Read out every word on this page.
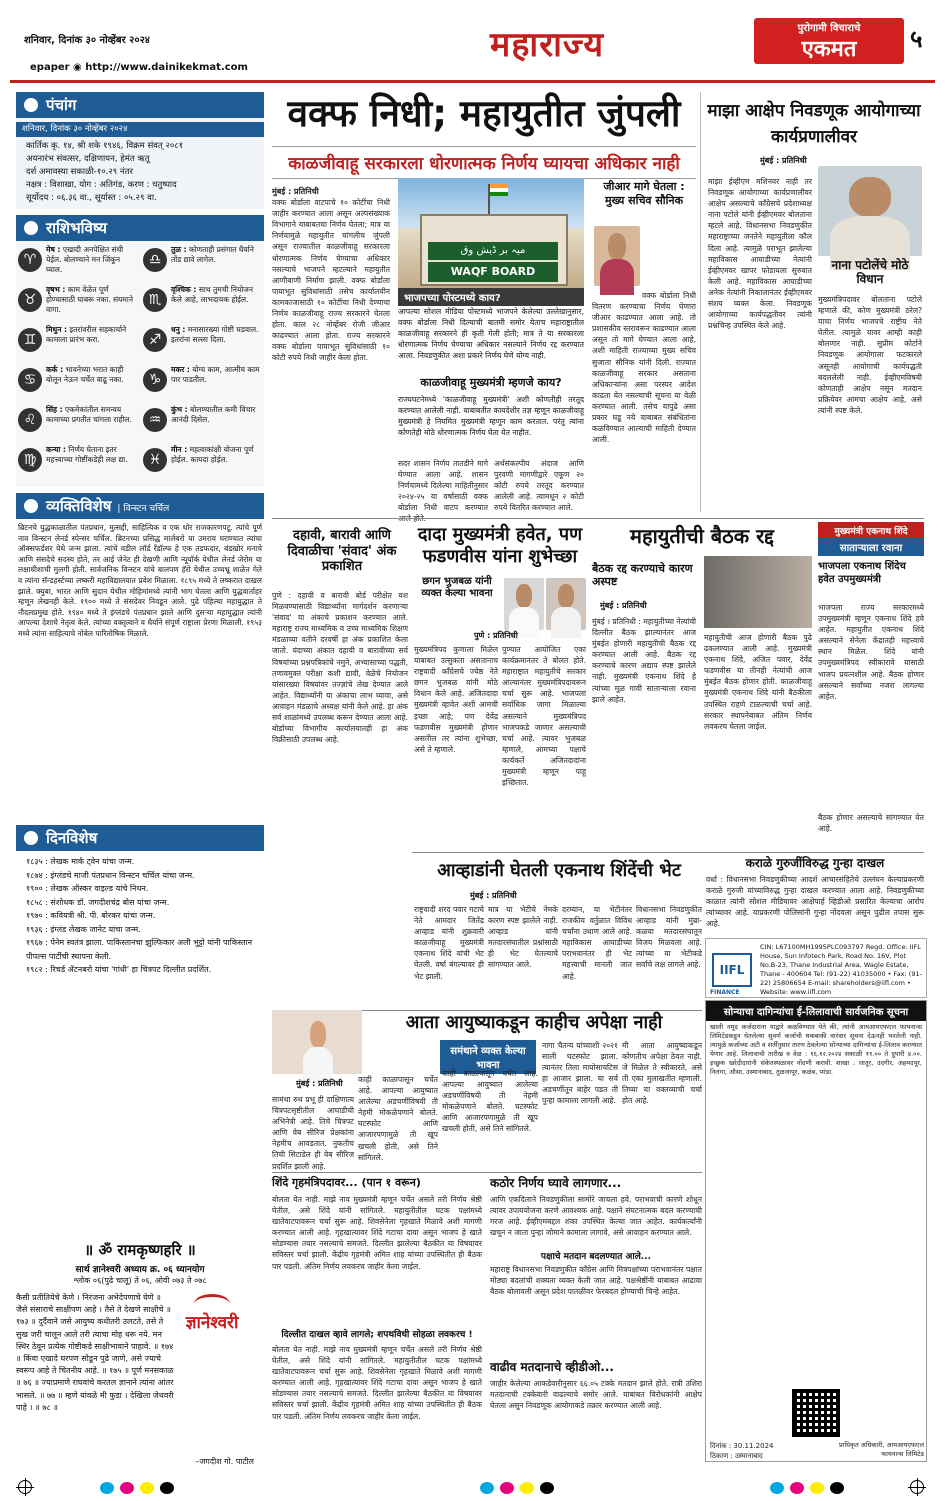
शनिवार, दिनांक ३० नोव्हेंबर २०२४
epaper ◉ http://www.dainikekmat.com
महाराज्य	पुरोगामी विचाराचे
एकमत	५
पंचांग
शनिवार, दिनांक ३० नोव्हेंबर २०२४
कार्तिक कृ. १४, श्री शके १९४६, विक्रम संवत् २०८१
अयनारंभ संवत्सर, दक्षिणायन, हेमंत ऋतू
दर्श अमावस्या सकाळी-१०.२९ नंतर
नक्षत्र : विशाखा, योग : अतिगंड, करण : चतुष्पाद
सूर्योदय : ०६.३६ वा., सूर्यास्त : ०५.२९ वा.
राशिभविष्य
♈
मेष : एखादी अनपेक्षित संधी येईल. बोलण्याने मन जिंकून घ्याल.
♎
तुळ : कोणताही प्रसंगात धैर्याने तोंड द्यावे लागेल.
♉
वृषभ : काम वेळेत पूर्ण होण्यासाठी घाबरू नका. संयमाने वागा.
♏
वृश्चिक : साथ तुमची नियोजन केले आहे, लाभदायक होईल.
♊
मिथुन : इतरांवरील सहकार्याने कामाला प्रारंभ करा.	♐
धनु : मनासारख्या गोष्टी घडवाल. इतरांना सल्ला दिला.
♋
कर्क : भावनेच्या भरात काही बोलून नेऊन चर्चेत वाढू नका.	♑
मकर : योग्य काम, आत्मीय काम पार पाडतील.
♌
सिंह : एकमेकांतील समन्वय कामाच्या प्रगतीत चांगला राहील.	♒
कुंभ : बोलण्यातील कमी विचार आनंदी दिसेल.
♍
कन्या : निर्णय घेताना इतर महत्त्वाच्या गोष्टींकडेही लक्ष द्या.	♓
मीन : महत्वाकांक्षी योजना पूर्ण होईल. कायदा होईल.
व्यक्तिविशेष | विन्स्टन चर्चिल
ब्रिटनचे युद्धकाळातील पंतप्रधान, मुत्सद्दी, साहित्यिक व एक थोर राजकारणपटू. त्यांचे पूर्ण नाव विन्स्टन लेनर्ड स्पेन्सर चर्चिल. ब्रिटनच्या प्रसिद्ध मार्लबरो या उमराव घराण्यात त्यांचा ऑक्सफर्डशर येथे जन्म झाला. त्यांचे वडील लॉर्ड रँडॉल्फ हे एक तडफदार, बंडखोर मनाचे आणि संसदेचे सदस्य होते, तर आई जेनेट ही देखणी आणि न्यूयॉर्क येथील लेनर्ड जेरोम या लक्षाधीशाची मुलगी होती. सार्वजनिक विन्स्टन यांचे बालपण हॅरो येथील उच्चभ्रू शाळेत गेले व त्यांना सॅन्डहर्स्टच्या लष्करी महाविद्यालयात प्रवेश मिळाला. १८९५ मध्ये ते लष्करात दाखल झाले. क्युबा, भारत आणि सुदान येथील मोहिमांमध्ये त्यांनी भाग घेतला आणि युद्धवार्ताहर म्हणून लेखनही केले. १९०० मध्ये ते संसदेवर निवडून आले. पुढे पहिल्या महायुद्धात ते नौदलप्रमुख होते. १९४० मध्ये ते इंग्लंडचे पंतप्रधान झाले आणि दुसऱ्या महायुद्धात त्यांनी आपल्या देशाचे नेतृत्व केले. त्यांच्या वक्तृत्वाने व धैर्याने संपूर्ण राष्ट्राला प्रेरणा मिळाली. १९५३ मध्ये त्यांना साहित्याचे नोबेल पारितोषिक मिळाले.
दिनविशेष
१८३५ : लेखक मार्क ट्वेन यांचा जन्म.
१८७४ : इंग्लंडचे माजी पंतप्रधान विन्स्टन चर्चिल यांचा जन्म.
१९०० : लेखक ऑस्कर वाइल्ड यांचे निधन.
१८५८ : संशोधक डॉ. जगदीशचंद्र बोस यांचा जन्म.
१९७० : कवियत्री श्री. पी. बोरकर यांचा जन्म.
१९३६ : इंग्लंड लेखक जानेट यांचा जन्म.
१९६७ : पेनेम स्वतंत्र झाला. पाकिस्तानचा झुल्फिकार अली भुट्टो यांनी पाकिस्तान पीपल्स पार्टीची स्थापना केली.
१९८२ : रिचर्ड ॲटनबरो यांचा 'गांधी' हा चित्रपट दिल्लीत प्रदर्शित.
वक्फ निधी; महायुतीत जुंपली
काळजीवाहू सरकारला धोरणात्मक निर्णय घ्यायचा अधिकार नाही
मुंबई : प्रतिनिधी
वक्फ बोर्डाला वाटपाचे १० कोटींचा निधी जाहीर करण्यात आला असून अल्पसंख्याक विभागाने याबाबतचा निर्णय घेतला; मात्र या निर्णयामुळे महायुतीत चांगलीच जुंपली असून राज्यातील काळजीवाहू सरकारला धोरणात्मक निर्णय घेण्याचा अधिकार नसल्याचे भाजपने म्हटल्याने महायुतीत आणीबाणी निर्माण झाली. वक्फ बोर्डाला पायाभूत सुविधांसाठी तसेच कार्यालयीन कामकाजासाठी १० कोटींचा निधी देण्याचा निर्णय काळजीवाहू राज्य सरकारने घेतला होता. काल २८ नोव्हेंबर रोजी जीआर काढण्यात आला होता. राज्य सरकारने वक्फ बोर्डाला पायाभूत सुविधांसाठी १० कोटी रुपये निधी जाहीर केला होता.
ميہ بر ڈيش وق
WAQF BOARD
भाजपच्या पोस्टमध्ये काय?
आपल्या सोशल मीडिया पोस्टमध्ये भाजपने केलेल्या उल्लेखानुसार, वक्फ बोर्डाला निधी दिल्याची बातमी समोर येताच महाराष्ट्रातील काळजीवाहू सरकारने ही कृती गेली होती; मात्र ते या सरकारला धोरणात्मक निर्णय घेण्याचा अधिकार नसल्याने निर्णय रद्द करण्यात आला. निवडणुकीत अशा प्रकारे निर्णय घेणे योग्य नाही.
काळजीवाहू मुख्यमंत्री म्हणजे काय?
राज्यघटनेमध्ये 'काळजीवाहू मुख्यमंत्री' अशी कोणतीही तरतूद करण्यात आलेली नाही. याबाबतीत कायदेशीर तज्ञ म्हणून काळजीवाहू मुख्यमंत्री हे नियमित मुख्यमंत्री म्हणून काम करतात. परंतु त्यांना कोणतेही मोठे धोरणात्मक निर्णय घेता येत नाहीत.
सदर शासन निर्णय तातडीने मागे घेण्यात आला आहे. शासन निर्णयामध्ये दिलेल्या माहितीनुसार २०२४-२५ या वर्षासाठी वक्फ बोर्डाला निधी वाटप करण्यात
अर्थसंकल्पीय अंदाज आणि पुरवणी मागणीद्वारे एकूण २० कोटी रुपये तरतूद करण्यात आलेली आहे. त्यामधून २ कोटी रुपये वितरित करण्यात आले.
जीआर मागे घेतला :
मुख्य सचिव सौनिक
वक्फ बोर्डाला निधी वितरण करण्याचा निर्णय घेणारा जीआर काढण्यात आला आहे. तो प्रशासकीय स्तरावरून काढण्यात आला असून तो मागे घेण्यात आला आहे, अशी माहिती राज्याच्या मुख्य सचिव सुजाता सौनिक यांनी दिली. राज्यात काळजीवाहू सरकार असताना अधिकाऱ्यांना असा परस्पर आदेश काढता येत नसल्याची सूचना या वेळी करण्यात आली. तसेच यापुढे असा प्रकार घडू नये याबाबत संबंधितांना कळविण्यात आल्याची माहिती देण्यात आली.
माझा आक्षेप निवडणूक आयोगाच्या कार्यप्रणालीवर
मुंबई : प्रतिनिधी
माझा ईव्हीएम मशिनवर नाही तर निवडणूक आयोगाच्या कार्यप्रणालीवर आक्षेप असल्याचे काँग्रेसचे प्रदेशाध्यक्ष नाना पटोले यांनी ईव्हीएमवर बोलताना म्हटले आहे. विधानसभा निवडणुकीत महाराष्ट्राच्या जनतेने महायुतीला कौल दिला आहे. त्यामुळे पराभूत झालेल्या महाविकास आघाडीच्या नेत्यांनी ईव्हीएमवर खापर फोडायला सुरुवात केली आहे. महाविकास आघाडीच्या अनेक नेत्यांनी निकालानंतर ईव्हीएमवर संशय व्यक्त केला. निवडणूक आयोगाच्या कार्यपद्धतीवर त्यांनी प्रश्नचिन्ह उपस्थित केले आहे.
नाना पटोलेंचे मोठे विधान
मुख्यमंत्रिपदावर बोलताना पटोले म्हणाले की, कोण मुख्यमंत्री ठरेल? याचा निर्णय भाजपचे राष्ट्रीय नेते घेतील. त्यामुळे यावर आम्ही काही बोलणार नाही. सुप्रीम कोर्टाने निवडणूक आयोगाला फटकारले असूनही आयोगाची कार्यपद्धती बदललेली नाही. ईव्हीएमविषयी कोणताही आक्षेप नसून मतदान प्रक्रियेवर आमचा आक्षेप आहे, असे त्यांनी स्पष्ट केले.
दहावी, बारावी आणि दिवाळीचा 'संवाद' अंक प्रकाशित
पुणे : दहावी व बारावी बोर्ड परीक्षेत यश मिळवण्यासाठी विद्यार्थ्यांना मार्गदर्शन करणाऱ्या 'संवाद' या अंकाचे प्रकाशन करण्यात आले. महाराष्ट्र राज्य माध्यमिक व उच्च माध्यमिक शिक्षण मंडळाच्या वतीने दरवर्षी हा अंक प्रकाशित केला जातो. यंदाच्या अंकात दहावी व बारावीच्या सर्व विषयांच्या प्रश्नपत्रिकांचे नमुने, अभ्यासाच्या पद्धती, तणावमुक्त परीक्षा कशी द्यावी, वेळेचे नियोजन यांसारख्या विषयांवर तज्ज्ञांचे लेख देण्यात आले आहेत. विद्यार्थ्यांनी या अंकाचा लाभ घ्यावा, असे आवाहन मंडळाचे अध्यक्ष यांनी केले आहे. हा अंक सर्व शाळांमध्ये उपलब्ध करून देण्यात आला आहे. बोर्डाच्या विभागीय कार्यालयातही हा अंक विक्रीसाठी उपलब्ध आहे.
दादा मुख्यमंत्री हवेत, पण फडणवीस यांना शुभेच्छा
छगन भुजबळ यांनी व्यक्त केल्या भावना
पुणे : प्रतिनिधी
मुख्यमंत्रिपद कुणाला मिळेल याबाबत उत्सुकता असतानाच राष्ट्रवादी काँग्रेसचे ज्येष्ठ नेते छगन भुजबळ यांनी मोठे विधान केले आहे. अजितदादा मुख्यमंत्री व्हावेत अशी आमची इच्छा आहे; पण देवेंद्र फडणवीस मुख्यमंत्री होणार असतील तर त्यांना शुभेच्छा, असे ते म्हणाले.
पुण्यात आयोजित एका कार्यक्रमानंतर ते बोलत होते. महाराष्ट्रात महायुतीचे सरकार आल्यानंतर मुख्यमंत्रिपदावरून चर्चा सुरू आहे. भाजपला सर्वाधिक जागा मिळाल्या असल्याने मुख्यमंत्रिपद भाजपकडे जाणार असल्याची चर्चा आहे. त्यावर भुजबळ म्हणाले, आमच्या पक्षाचे कार्यकर्ते अजितदादांना मुख्यमंत्री म्हणून पाहू इच्छितात.
महायुतीची बैठक रद्द
बैठक रद्द करण्याचे कारण अस्पष्ट
मुंबई : प्रतिनिधी
मुंबई । प्रतिनिधी : महायुतीच्या नेत्यांची दिल्लीत बैठक झाल्यानंतर आज मुंबईत होणारी महायुतीची बैठक रद्द करण्यात आली आहे. बैठक रद्द करण्याचे कारण अद्याप स्पष्ट झालेले नाही. मुख्यमंत्री एकनाथ शिंदे हे त्यांच्या मूळ गावी साताऱ्याला रवाना झाले आहेत.
महायुतीची आज होणारी बैठक पुढे ढकलण्यात आली आहे. मुख्यमंत्री एकनाथ शिंदे, अजित पवार, देवेंद्र फडणवीस या तीनही नेत्यांची आज मुंबईत बैठक होणार होती. काळजीवाहू मुख्यमंत्री एकनाथ शिंदे यांनी बैठकीला उपस्थित राहणे टाळल्याची चर्चा आहे. सरकार स्थापनेबाबत अंतिम निर्णय लवकरच घेतला जाईल.
मुख्यमंत्री एकनाथ शिंदे
साताऱ्याला रवाना
भाजपला एकनाथ शिंदेच हवेत उपमुख्यमंत्री
भाजपला राज्य सरकारमध्ये उपमुख्यमंत्री म्हणून एकनाथ शिंदे हवे आहेत. महायुतीत एकनाथ शिंदे असल्याने सेनेला केंद्रातही महत्त्वाचे स्थान मिळेल. शिंदे यांनी उपमुख्यमंत्रिपद स्वीकारावे यासाठी भाजप प्रयत्नशील आहे. बैठक होणार असल्याने सर्वांच्या नजरा लागल्या आहेत.
बैठक होणार असल्याचे सांगण्यात येत आहे.
आव्हाडांनी घेतली एकनाथ शिंदेंची भेट
मुंबई : प्रतिनिधी
राष्ट्रवादी शरद पवार गटाचे नेते आमदार जितेंद्र आव्हाड यांनी शुक्रवारी काळजीवाहू मुख्यमंत्री एकनाथ शिंदे यांची भेट घेतली. वर्षा बंगल्यावर ही भेट झाली.
मात्र या भेटीचे नेमके कारण स्पष्ट झालेले नाही. आव्हाड यांनी मतदारसंघातील प्रश्नांसाठी ही भेट घेतल्याचे सांगण्यात आले.
दरम्यान, या भेटीनंतर राजकीय वर्तुळात विविध चर्चांना उधाण आले आहे. महाविकास आघाडीच्या पराभवानंतर ही भेट महत्त्वाची मानली जात आहे.
विधानसभा निवडणुकीत आव्हाड यांनी मुंब्रा-कळवा मतदारसंघातून विजय मिळवला आहे. त्यांच्या या भेटीकडे सर्वांचे लक्ष लागले आहे.
कराळे गुरुजींविरुद्ध गुन्हा दाखल
वर्धा : विधानसभा निवडणुकीच्या आदर्श आचारसंहितेचे उल्लंघन केल्याप्रकरणी कराळे गुरुजी यांच्याविरुद्ध गुन्हा दाखल करण्यात आला आहे. निवडणुकीच्या काळात त्यांनी सोशल मीडियावर आक्षेपार्ह व्हिडीओ प्रसारित केल्याचा आरोप त्यांच्यावर आहे. याप्रकरणी पोलिसांनी गुन्हा नोंदवला असून पुढील तपास सुरू आहे.
IIFL
FINANCE
CIN: L67100MH1995PLC093797 Regd. Office: IIFL House, Sun Infotech Park, Road No. 16V, Plot No.B-23, Thane Industrial Area, Wagle Estate, Thane - 400604 Tel: (91-22) 41035000 • Fax: (91-22) 25806654 E-mail: shareholders@iifl.com • Website: www.iifl.com
सोन्याचा दागिन्यांचा ई-लिलावाची सार्वजनिक सूचना
खाली नमूद कर्जदारांना याद्वारे कळविण्यात येते की, त्यांनी आयआयएफएल फायनान्स लिमिटेडकडून घेतलेल्या सुवर्ण कर्जाची थकबाकी वारंवार सूचना देऊनही भरलेली नाही. त्यामुळे कर्जाच्या अटी व शर्तींनुसार तारण ठेवलेल्या सोन्याच्या दागिन्यांचा ई-लिलाव करण्यात येणार आहे. लिलावाची तारीख व वेळ : १६.१२.२०२४ सकाळी ११.०० ते दुपारी ४.००. इच्छुक खरेदीदारांनी संकेतस्थळावर नोंदणी करावी. शाखा : लातूर, उदगीर, अहमदपूर, निलंगा, औसा, उस्मानाबाद, तुळजापूर, कळंब, परंडा.
दिनांक : 30.11.2024
ठिकाण : उस्मानाबाद
प्राधिकृत अधिकारी, आयआयएफएल फायनान्स लिमिटेड
आता आयुष्याकडून काहीच अपेक्षा नाही
समंथाने व्यक्त केल्या भावना
मुंबई : प्रतिनिधी
सामंथा रुथ प्रभू ही दाक्षिणात्य चित्रपटसृष्टीतील आघाडीची अभिनेत्री आहे. तिचे चित्रपट आणि वेब सीरिज प्रेक्षकांना नेहमीच आवडतात. नुकतीच तिची सिटाडेल ही वेब सीरिज प्रदर्शित झाली आहे.
काही काळापासून चर्चेत आहे. आपल्या आयुष्यात आलेल्या अडचणींविषयी ती नेहमी मोकळेपणाने बोलते. घटस्फोट आणि आजारपणामुळे ती खूप खचली होती, असे तिने सांगितले.
नागा चैतन्य यांच्याशी २०२१ साली घटस्फोट झाला. त्यानंतर तिला मायोसायटिस हा आजार झाला. या सर्व अडचणींतून बाहेर पडत ती पुन्हा कामाला लागली आहे.
मी आता आयुष्याकडून कोणतीच अपेक्षा ठेवत नाही. जे मिळेल ते स्वीकारते, असे ती एका मुलाखतीत म्हणाली. तिच्या या वक्तव्याची चर्चा होत आहे.
काही काळापासून चर्चेत आहे. आपल्या आयुष्यात आलेल्या अडचणींविषयी ती नेहमी मोकळेपणाने बोलते. घटस्फोट आणि आजारपणामुळे ती खूप खचली होती, असे तिने सांगितले.
शिंदे गृहमंत्रिपदावर... (पान १ वरून)
बोलता येत नाही. माझे नाव मुख्यमंत्री म्हणून चर्चेत असले तरी निर्णय श्रेष्ठी घेतील, असे शिंदे यांनी सांगितले. महायुतीतील घटक पक्षांमध्ये खातेवाटपावरून चर्चा सुरू आहे. शिवसेनेला गृहखाते मिळावे अशी मागणी करण्यात आली आहे. गृहखात्यावर शिंदे गटाचा दावा असून भाजप हे खाते सोडण्यास तयार नसल्याचे समजते. दिल्लीत झालेल्या बैठकीत या विषयावर सविस्तर चर्चा झाली. केंद्रीय गृहमंत्री अमित शाह यांच्या उपस्थितीत ही बैठक पार पडली. अंतिम निर्णय लवकरच जाहीर केला जाईल.
दिल्लीत दाखल व्हावे लागले; शपथविधी सोहळा लवकरच !
बोलता येत नाही. माझे नाव मुख्यमंत्री म्हणून चर्चेत असले तरी निर्णय श्रेष्ठी घेतील, असे शिंदे यांनी सांगितले. महायुतीतील घटक पक्षांमध्ये खातेवाटपावरून चर्चा सुरू आहे. शिवसेनेला गृहखाते मिळावे अशी मागणी करण्यात आली आहे. गृहखात्यावर शिंदे गटाचा दावा असून भाजप हे खाते सोडण्यास तयार नसल्याचे समजते. दिल्लीत झालेल्या बैठकीत या विषयावर सविस्तर चर्चा झाली. केंद्रीय गृहमंत्री अमित शाह यांच्या उपस्थितीत ही बैठक पार पडली. अंतिम निर्णय लवकरच जाहीर केला जाईल.
कठोर निर्णय घ्यावे लागणार...
आणि एकदिलाने निवडणुकीला सामोरे जायला हवे. पराभवाची कारणे शोधून त्यावर उपाययोजना करणे आवश्यक आहे. पक्षाने संघटनात्मक बदल करण्याची गरज आहे. ईव्हीएमबद्दल शंका उपस्थित केल्या जात आहेत. कार्यकर्त्यांनी खचून न जाता पुन्हा जोमाने कामाला लागावे, असे आवाहन करण्यात आले.
पक्षाचे मतदान बदलण्यात आले...
महाराष्ट्र विधानसभा निवडणुकीत काँग्रेस आणि मित्रपक्षांच्या पराभवानंतर पक्षात मोठ्या बदलांची शक्यता व्यक्त केली जात आहे. पक्षश्रेष्ठींनी याबाबत आढावा बैठक बोलावली असून प्रदेश पातळीवर फेरबदल होण्याची चिन्हे आहेत.
वाढीव मतदानाचे व्हीडीओ...
जाहीर केलेल्या आकडेवारीनुसार ६६.०५ टक्के मतदान झाले होते. रात्री उशिरा मतदानाची टक्केवारी वाढल्याचे समोर आले. याबाबत विरोधकांनी आक्षेप घेतला असून निवडणूक आयोगाकडे तक्रार करण्यात आली आहे.
॥ ॐ रामकृष्णहरि ॥
सार्थ ज्ञानेश्वरी अध्याय क्र. ०६ ध्यानयोग
श्लोक ०६(पुढे चालू) ते ०६, ओवी ०७३ ते ०७८
ज्ञानेश्वरी
कैसी प्रतीतियेचे केणे । निरंजना अभेदेपणाचे घेणे ॥ जैसे संसाराचे साक्षीपण आहे । तैसे ते देखणे साक्षीचे ॥ १७३ ॥ दुर्दैवाने जसे आयुष्य कधीतरी उलटते, तसे ते सुख जरी चालून आले तरी त्याचा मोह धरू नये. मन स्थिर ठेवून प्रत्येक गोष्टीकडे साक्षीभावाने पाहावे. ॥ १७४ ॥ किंवा एखादे घरपण सोडून पुढे जाणे, असे ज्याचे स्वरूप आहे ते चिंतनीय आहे. ॥ १७५ ॥ पूर्ण मनसकाळ ॥ ७६ ॥ ज्याप्रमाणे राघवांचे करतल ज्ञानाने त्यांना आंतर भासले. ॥ ७७ ॥ म्हणे यांवळे मी फुडा । देखिला जेथवरी पाहे । ॥ ७८ ॥
–जगदीश गो. पाटील
